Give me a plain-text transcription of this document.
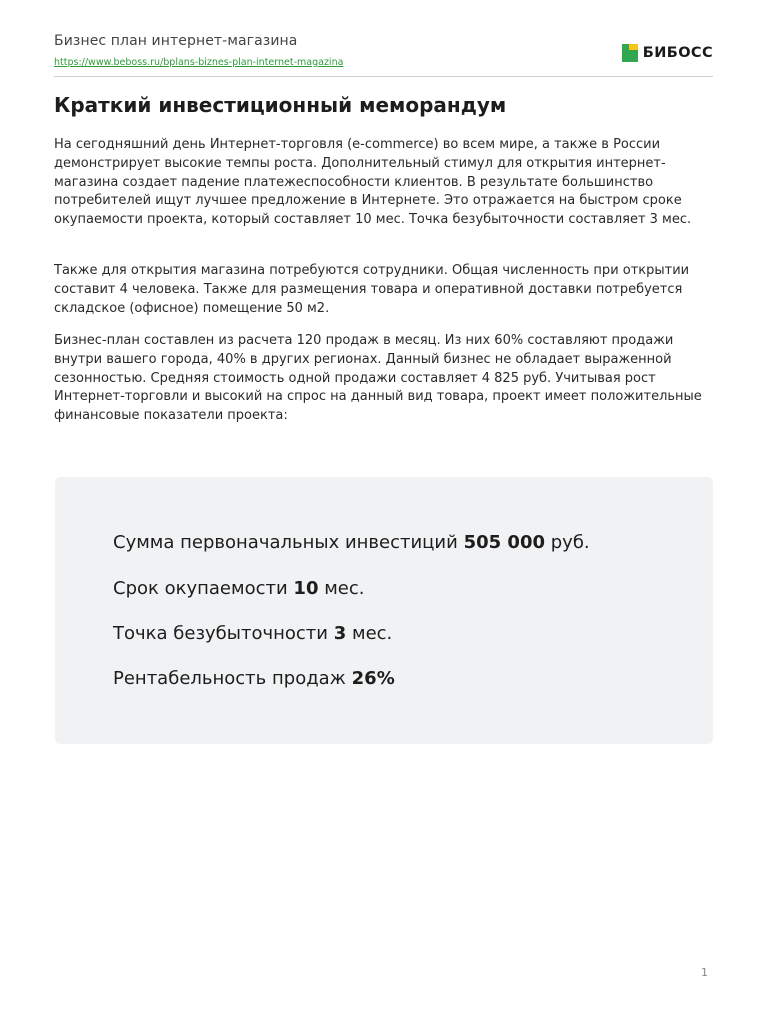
Бизнес план интернет-магазина
https://www.beboss.ru/bplans-biznes-plan-internet-magazina
БИБОСС
Краткий инвестиционный меморандум

На сегодняшний день Интернет-торговля (e-commerce) во всем мире, а также в России демонстрирует высокие темпы роста. Дополнительный стимул для открытия интернет-магазина создает падение платежеспособности клиентов. В результате большинство потребителей ищут лучшее предложение в Интернете. Это отражается на быстром сроке окупаемости проекта, который составляет 10 мес. Точка безубыточности составляет 3 мес.

Также для открытия магазина потребуются сотрудники. Общая численность при открытии составит 4 человека. Также для размещения товара и оперативной доставки потребуется складское (офисное) помещение 50 м2.

Бизнес-план составлен из расчета 120 продаж в месяц. Из них 60% составляют продажи внутри вашего города, 40% в других регионах. Данный бизнес не обладает выраженной сезонностью. Средняя стоимость одной продажи составляет 4 825 руб. Учитывая рост Интернет-торговли и высокий на спрос на данный вид товара, проект имеет положительные финансовые показатели проекта:

Сумма первоначальных инвестиций 505 000 руб.
Срок окупаемости 10 мес.
Точка безубыточности 3 мес.
Рентабельность продаж 26%
1
